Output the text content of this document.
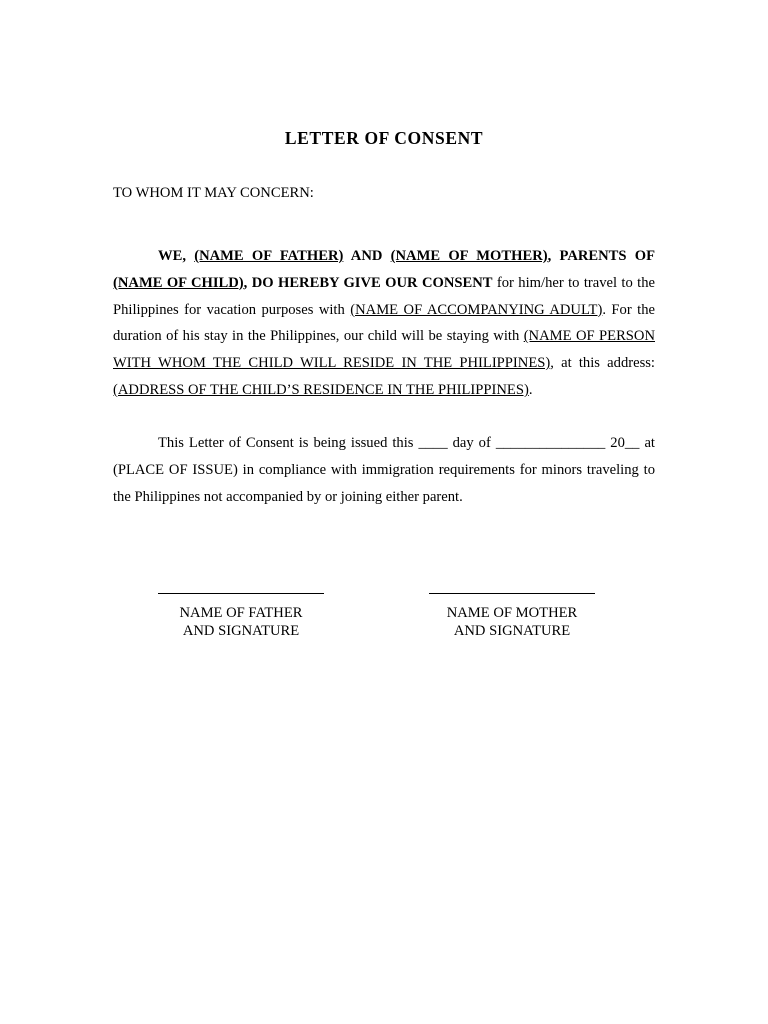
LETTER OF CONSENT
TO WHOM IT MAY CONCERN:

WE, (NAME OF FATHER) AND (NAME OF MOTHER), PARENTS OF (NAME OF CHILD), DO HEREBY GIVE OUR CONSENT for him/her to travel to the Philippines for vacation purposes with (NAME OF ACCOMPANYING ADULT). For the duration of his stay in the Philippines, our child will be staying with (NAME OF PERSON WITH WHOM THE CHILD WILL RESIDE IN THE PHILIPPINES), at this address: (ADDRESS OF THE CHILD’S RESIDENCE IN THE PHILIPPINES).

This Letter of Consent is being issued this ____ day of _______________ 20__ at (PLACE OF ISSUE) in compliance with immigration requirements for minors traveling to the Philippines not accompanied by or joining either parent.

NAME OF FATHER
AND SIGNATURE
NAME OF MOTHER
AND SIGNATURE
